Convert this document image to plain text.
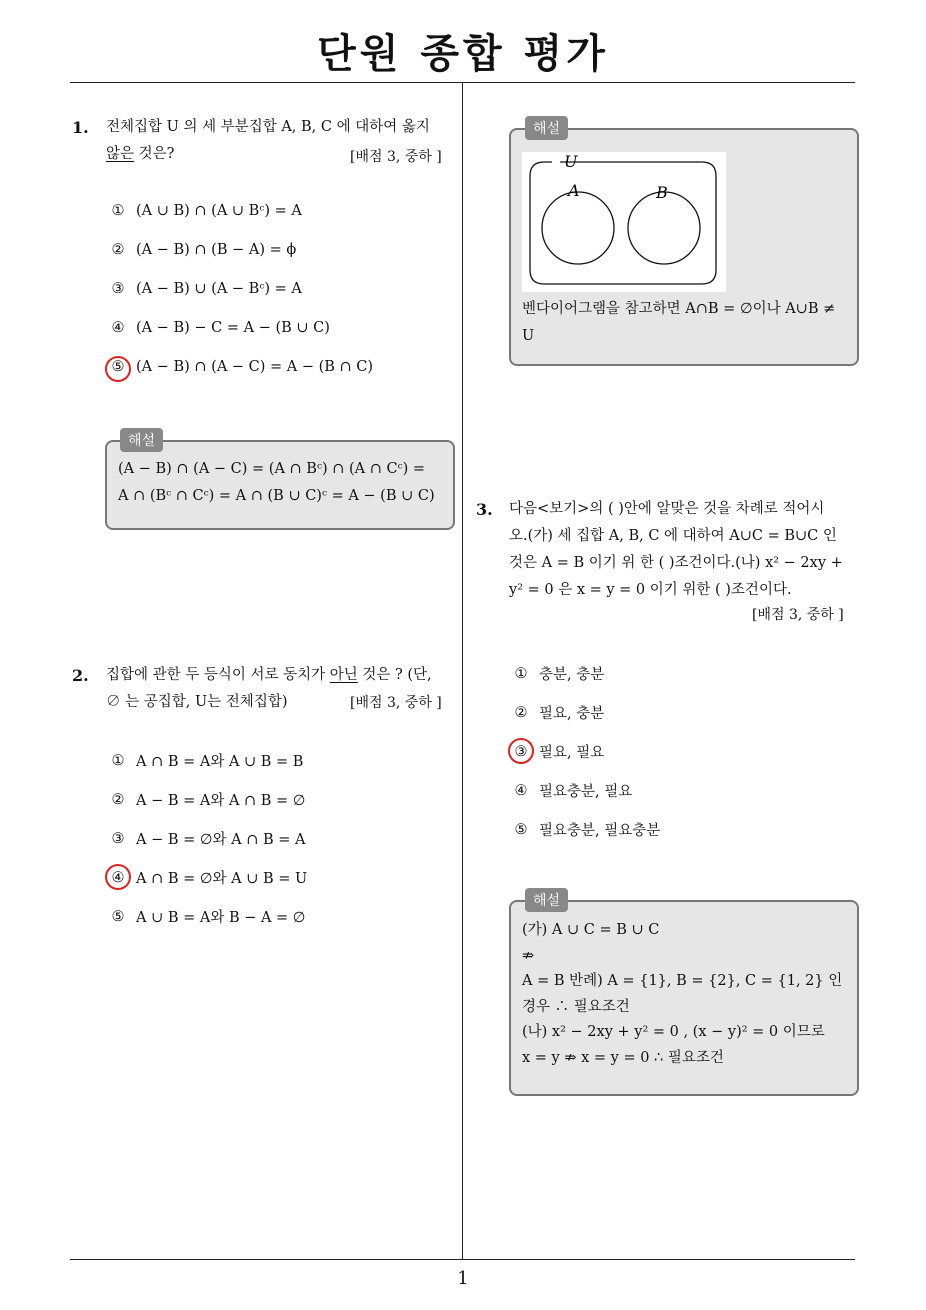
단원 종합 평가
1. 전체집합 U 의 세 부분집합 A, B, C 에 대하여 옳지
않은 것은?	[배점 3, 중하 ]
① (A ∪ B) ∩ (A ∪ Bᶜ) = A
② (A − B) ∩ (B − A) = ϕ
③ (A − B) ∪ (A − Bᶜ) = A
④ (A − B) − C = A − (B ∪ C)
⑤ (A − B) ∩ (A − C) = A − (B ∩ C)
해설
(A − B) ∩ (A − C) = (A ∩ Bᶜ) ∩ (A ∩ Cᶜ) =
A ∩ (Bᶜ ∩ Cᶜ) = A ∩ (B ∪ C)ᶜ = A − (B ∪ C)
2. 집합에 관한 두 등식이 서로 동치가 아닌 것은 ? (단,
∅ 는 공집합, U는 전체집합)	[배점 3, 중하 ]
① A ∩ B = A와 A ∪ B = B
② A − B = A와 A ∩ B = ∅
③ A − B = ∅와 A ∩ B = A
④ A ∩ B = ∅와 A ∪ B = U
⑤ A ∪ B = A와 B − A = ∅
해설
U
A	B
벤다이어그램을 참고하면 A∩B = ∅이나 A∪B ≠
U
3. 다음<보기>의 ( )안에 알맞은 것을 차례로 적어시
오.(가) 세 집합 A, B, C 에 대하여 A∪C = B∪C 인
것은 A = B 이기 위 한 ( )조건이다.(나) x² − 2xy +
y² = 0 은 x = y = 0 이기 위한 ( )조건이다.
[배점 3, 중하 ]
① 충분, 충분
② 필요, 충분
③ 필요, 필요
④ 필요충분, 필요
⑤ 필요충분, 필요충분
해설
(가) A ∪ C = B ∪ C
⇏
A = B 반례) A = {1}, B = {2}, C = {1, 2} 인
경우 ∴ 필요조건
(나) x² − 2xy + y² = 0 , (x − y)² = 0 이므로
x = y ⇏ x = y = 0 ∴ 필요조건
1
